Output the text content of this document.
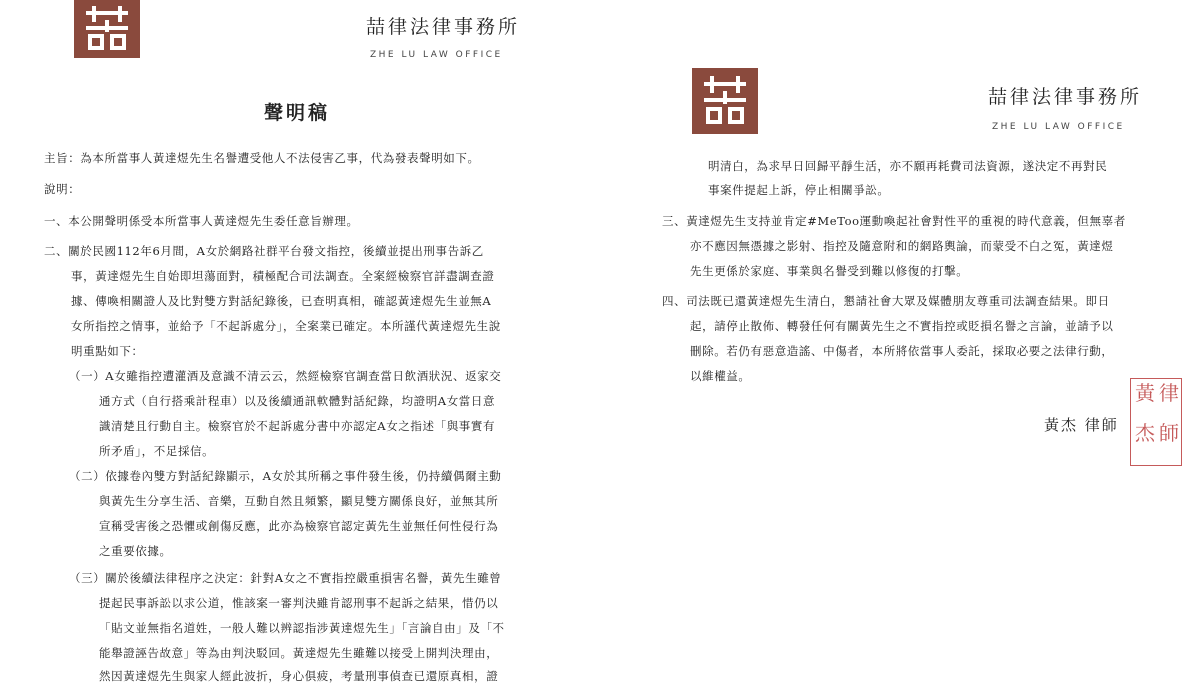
喆律法律事務所
ZHE LU LAW OFFICE
聲明稿
主旨：為本所當事人黃達煜先生名譽遭受他人不法侵害乙事，代為發表聲明如下。
說明：
一、本公開聲明係受本所當事人黃達煜先生委任意旨辦理。
二、關於民國112年6月間，A女於網路社群平台發文指控，後續並提出刑事告訴乙
事，黃達煜先生自始即坦蕩面對，積極配合司法調查。全案經檢察官詳盡調查證
據、傳喚相關證人及比對雙方對話紀錄後，已查明真相，確認黃達煜先生並無A
女所指控之情事，並給予「不起訴處分」，全案業已確定。本所謹代黃達煜先生說
明重點如下：
（一）A女雖指控遭灌酒及意識不清云云，然經檢察官調查當日飲酒狀況、返家交
通方式（自行搭乘計程車）以及後續通訊軟體對話紀錄，均證明A女當日意
識清楚且行動自主。檢察官於不起訴處分書中亦認定A女之指述「與事實有
所矛盾」，不足採信。
（二）依據卷內雙方對話紀錄顯示，A女於其所稱之事件發生後，仍持續偶爾主動
與黃先生分享生活、音樂，互動自然且頻繁，顯見雙方關係良好，並無其所
宣稱受害後之恐懼或創傷反應，此亦為檢察官認定黃先生並無任何性侵行為
之重要依據。
（三）關於後續法律程序之決定：針對A女之不實指控嚴重損害名譽，黃先生雖曾
提起民事訴訟以求公道，惟該案一審判決雖肯認刑事不起訴之結果，惜仍以
「貼文並無指名道姓，一般人難以辨認指涉黃達煜先生」「言論自由」及「不
能舉證誣告故意」等為由判決駁回。黃達煜先生雖難以接受上開判決理由，
然因黃達煜先生與家人經此波折，身心俱疲，考量刑事偵查已還原真相，證
喆律法律事務所
ZHE LU LAW OFFICE
明清白，為求早日回歸平靜生活，亦不願再耗費司法資源，遂決定不再對民
事案件提起上訴，停止相關爭訟。
三、黃達煜先生支持並肯定#MeToo運動喚起社會對性平的重視的時代意義，但無辜者
亦不應因無憑據之影射、指控及隨意附和的網路輿論，而蒙受不白之冤，黃達煜
先生更係於家庭、事業與名譽受到難以修復的打擊。
四、司法既已還黃達煜先生清白，懇請社會大眾及媒體朋友尊重司法調查結果。即日
起，請停止散佈、轉發任何有關黃先生之不實指控或貶損名譽之言論，並請予以
刪除。若仍有惡意造謠、中傷者，本所將依當事人委託，採取必要之法律行動，
以維權益。
黃杰 律師
律
師
黃
杰
